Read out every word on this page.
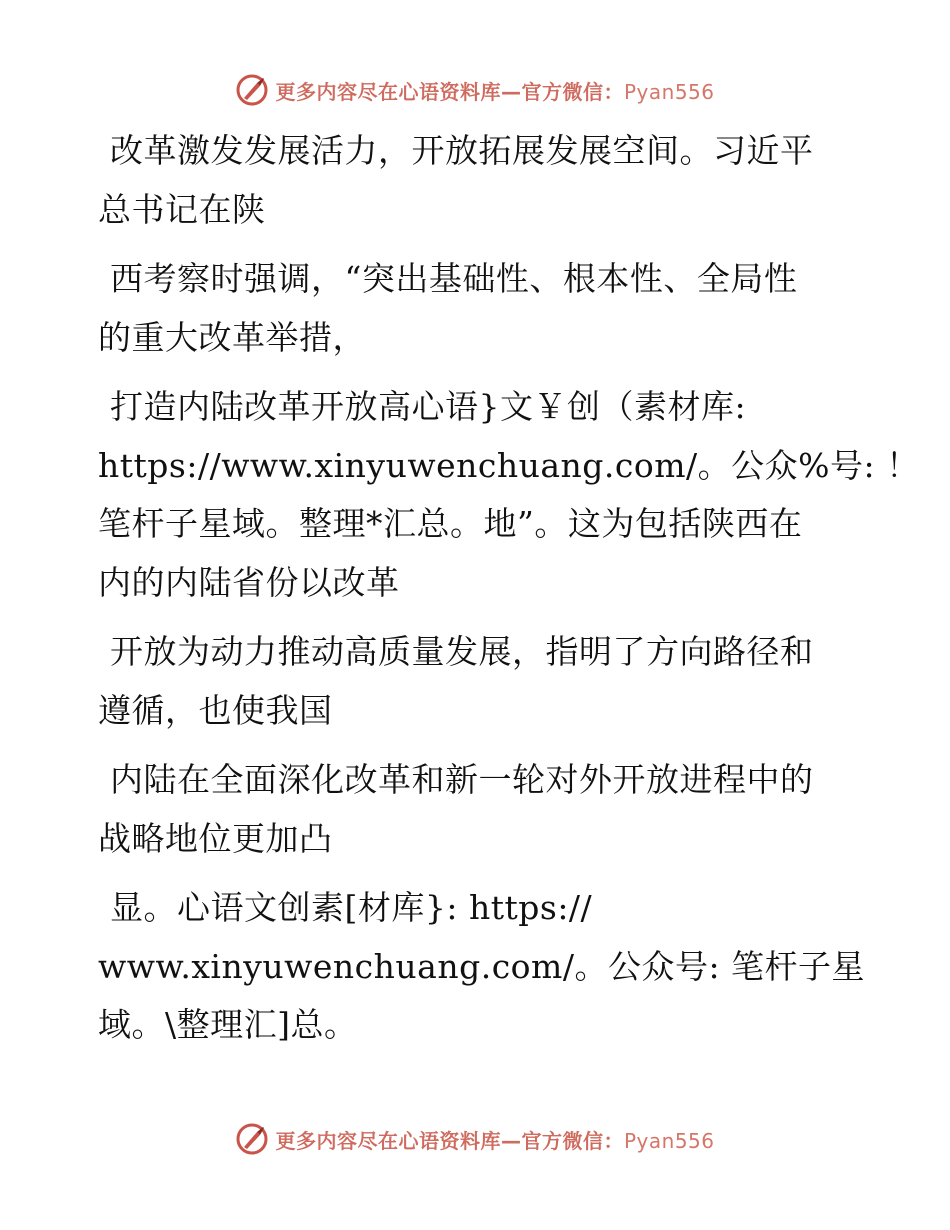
更多内容尽在心语资料库—官方微信：Pyan556
改革激发发展活力，开放拓展发展空间。习近平
总书记在陕
西考察时强调，“突出基础性、根本性、全局性
的重大改革举措，
打造内陆改革开放高心语}文￥创（素材库:
https://www.xinyuwenchuang.com/。公众%号: ！
笔杆子星域。整理*汇总。地”。这为包括陕西在
内的内陆省份以改革
开放为动力推动高质量发展，指明了方向路径和
遵循，也使我国
内陆在全面深化改革和新一轮对外开放进程中的
战略地位更加凸
显。心语文创素[材库}: https://
www.xinyuwenchuang.com/。公众号: 笔杆子星
域。\整理汇]总。
更多内容尽在心语资料库—官方微信：Pyan556
